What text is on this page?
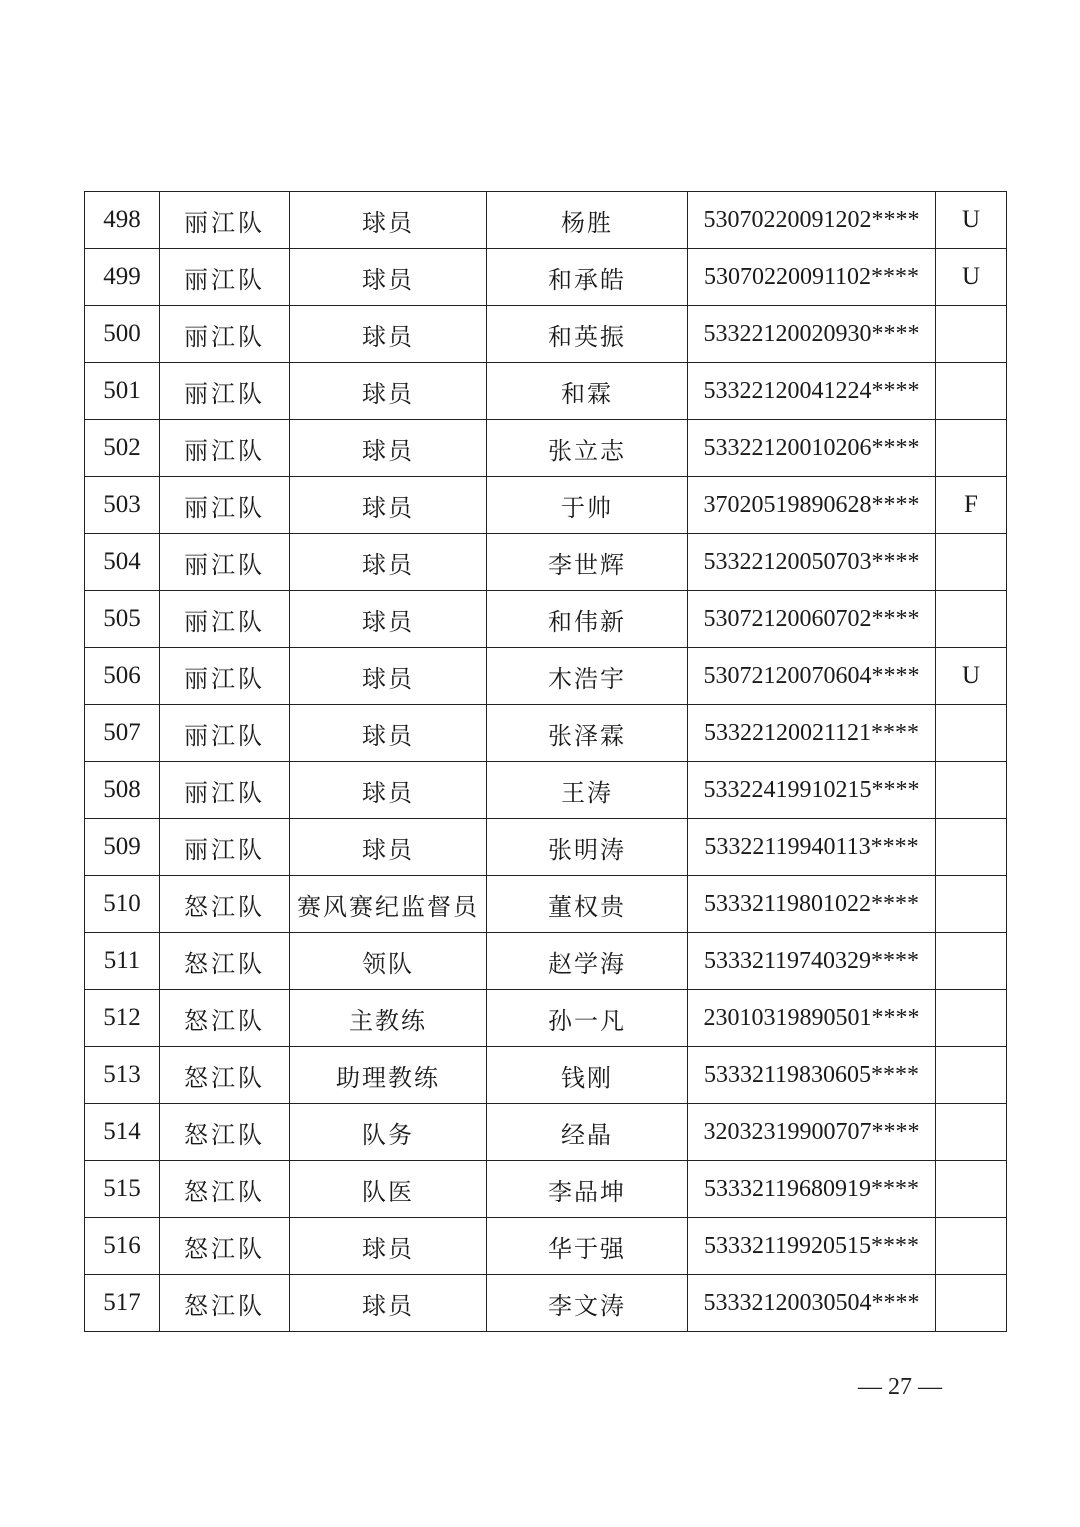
498	丽江队	球员	杨胜	53070220091202****	U
499	丽江队	球员	和承皓	53070220091102****	U
500	丽江队	球员	和英振	53322120020930****	
501	丽江队	球员	和霖	53322120041224****	
502	丽江队	球员	张立志	53322120010206****	
503	丽江队	球员	于帅	37020519890628****	F
504	丽江队	球员	李世辉	53322120050703****	
505	丽江队	球员	和伟新	53072120060702****	
506	丽江队	球员	木浩宇	53072120070604****	U
507	丽江队	球员	张泽霖	53322120021121****	
508	丽江队	球员	王涛	53322419910215****	
509	丽江队	球员	张明涛	53322119940113****	
510	怒江队	赛风赛纪监督员	董权贵	53332119801022****	
511	怒江队	领队	赵学海	53332119740329****	
512	怒江队	主教练	孙一凡	23010319890501****	
513	怒江队	助理教练	钱刚	53332119830605****	
514	怒江队	队务	经晶	32032319900707****	
515	怒江队	队医	李品坤	53332119680919****	
516	怒江队	球员	华于强	53332119920515****	
517	怒江队	球员	李文涛	53332120030504****	
— 27 —
